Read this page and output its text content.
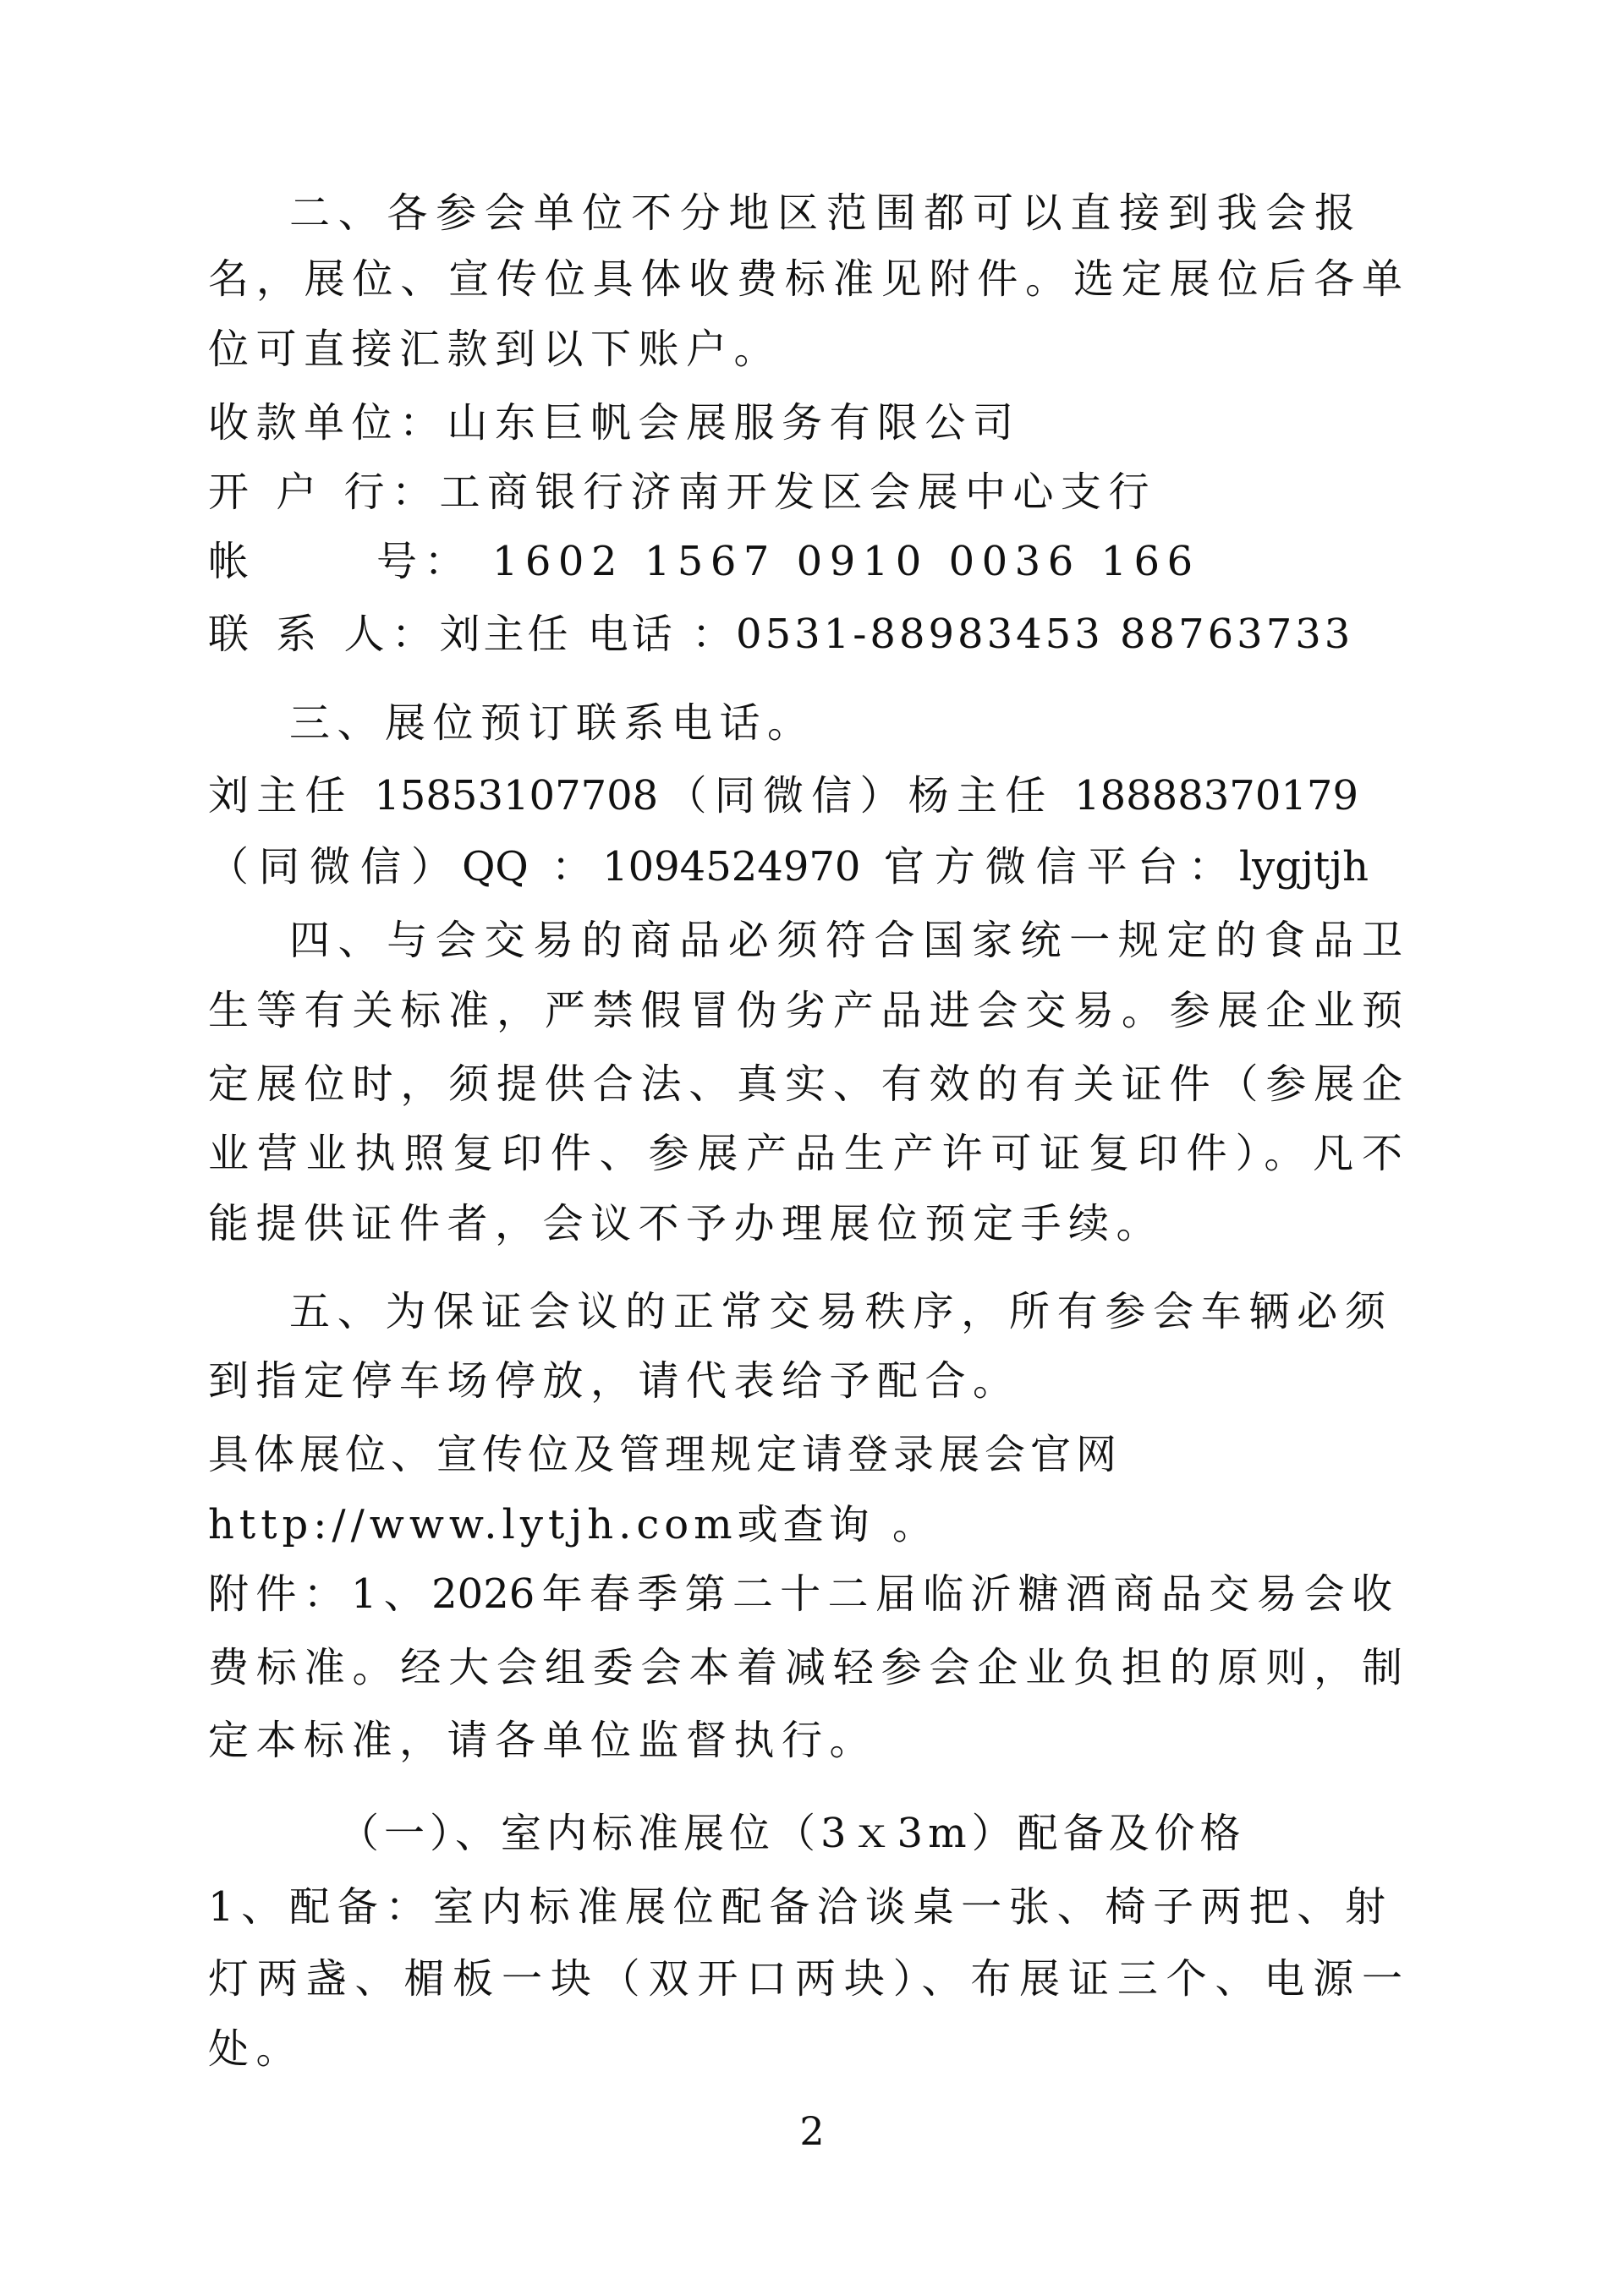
二、各参会单位不分地区范围都可以直接到我会报
名，展位、宣传位具体收费标准见附件。选定展位后各单
位可直接汇款到以下账户。
收款单位：山东巨帆会展服务有限公司
开 户 行：工商银行济南开发区会展中心支行
帐      号： 1602 1567 0910 0036 166
联 系 人：刘主任 电话 ：0531-88983453 88763733
三、展位预订联系电话。
刘主任 15853107708（同微信）杨主任 18888370179
（同微信）QQ ：1094524970 官方微信平台：lygjtjh
四、与会交易的商品必须符合国家统一规定的食品卫
生等有关标准，严禁假冒伪劣产品进会交易。参展企业预
定展位时，须提供合法、真实、有效的有关证件（参展企
业营业执照复印件、参展产品生产许可证复印件）。凡不
能提供证件者，会议不予办理展位预定手续。
五、为保证会议的正常交易秩序，所有参会车辆必须
到指定停车场停放，请代表给予配合。
具体展位、宣传位及管理规定请登录展会官网
http://www.lytjh.com或查询 。
附件：1、2026年春季第二十二届临沂糖酒商品交易会收
费标准。经大会组委会本着减轻参会企业负担的原则，制
定本标准，请各单位监督执行。
（一）、室内标准展位（3ｘ3m）配备及价格
1、配备：室内标准展位配备洽谈桌一张、椅子两把、射
灯两盏、楣板一块（双开口两块）、布展证三个、电源一
处。
2
